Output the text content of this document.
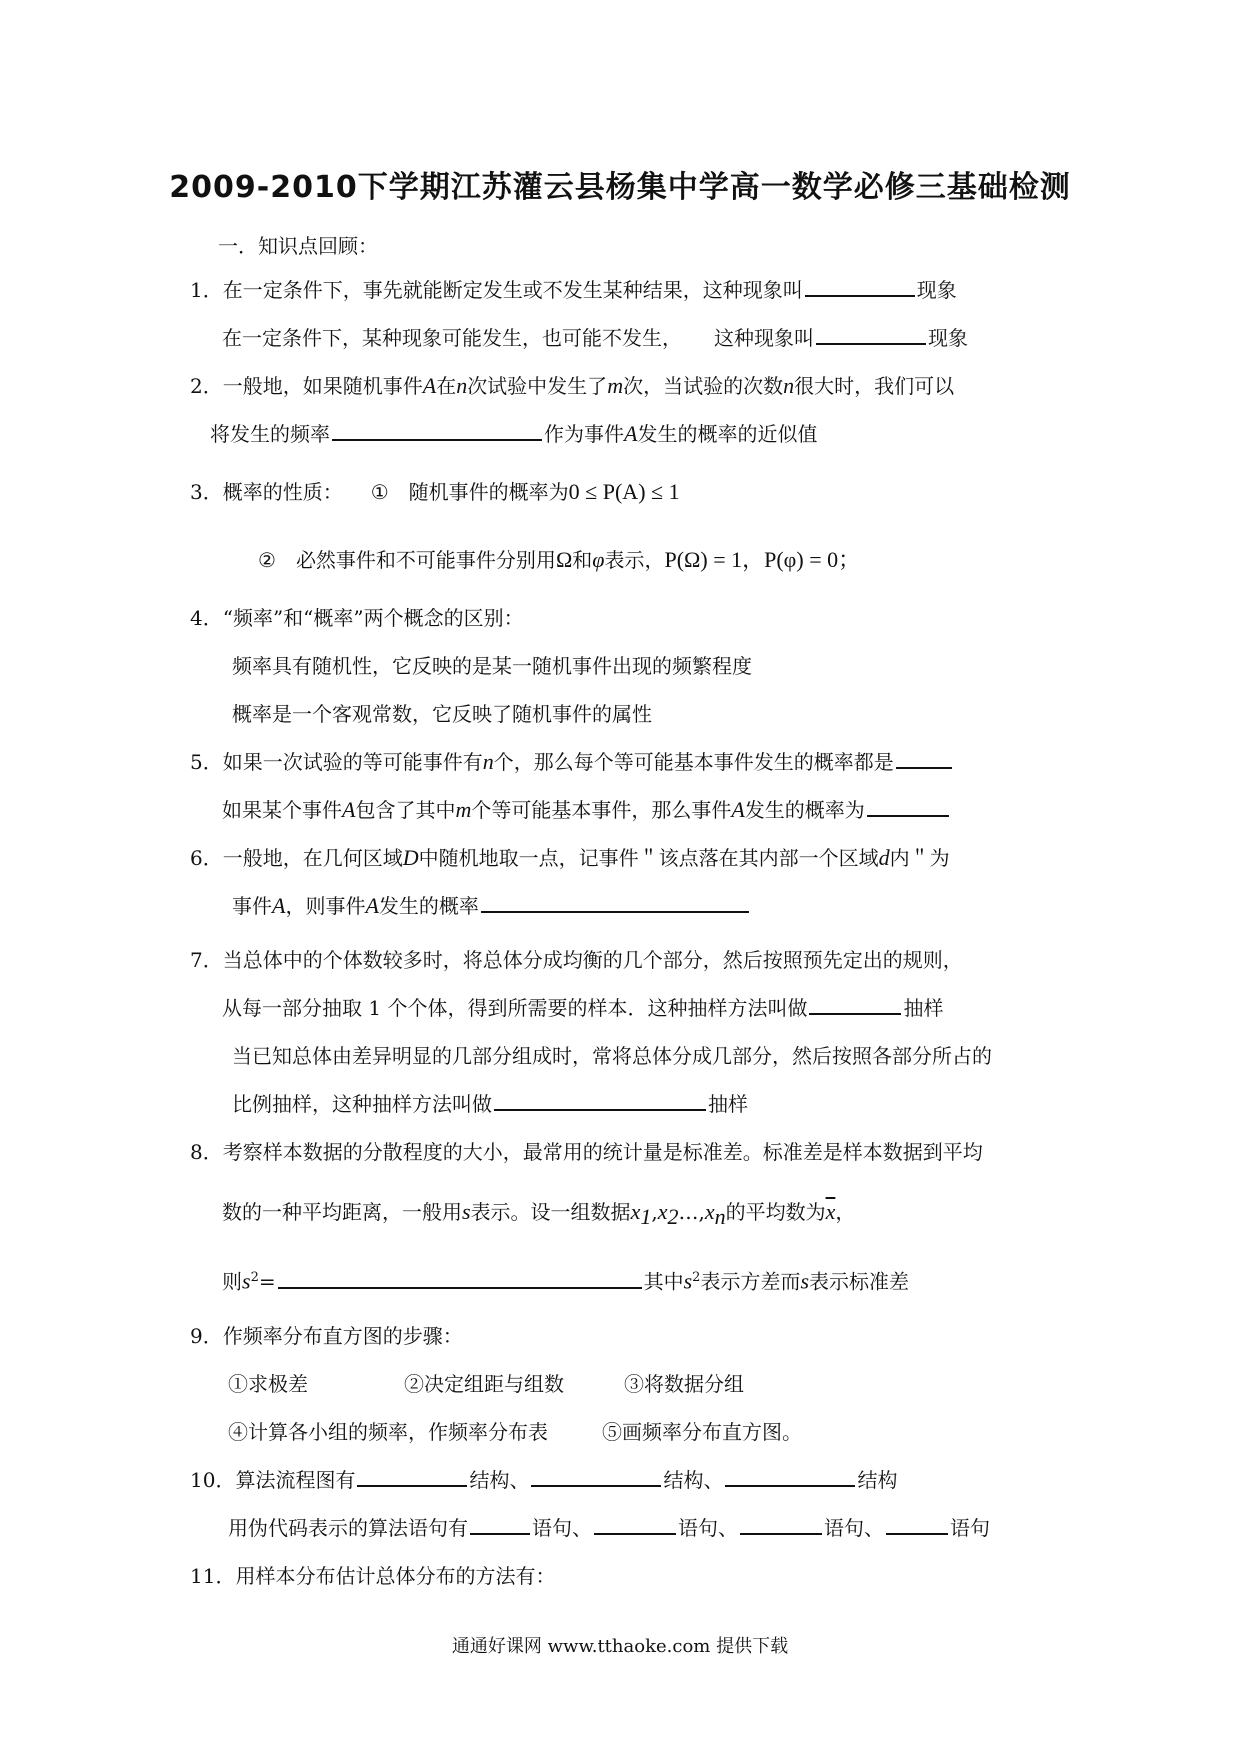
2009-2010下学期江苏灌云县杨集中学高一数学必修三基础检测
一．知识点回顾：
1．在一定条件下，事先就能断定发生或不发生某种结果，这种现象叫	现象
在一定条件下，某种现象可能发生，也可能不发生， 这种现象叫	现象
2．一般地，如果随机事件A在n次试验中发生了m次，当试验的次数n很大时，我们可以
将发生的频率	作为事件A发生的概率的近似值
3．概率的性质： ① 随机事件的概率为0 ≤ P(A) ≤ 1
② 必然事件和不可能事件分别用Ω和φ表示，P(Ω) = 1，P(φ) = 0；
4．“频率”和“概率”两个概念的区别：
频率具有随机性，它反映的是某一随机事件出现的频繁程度
概率是一个客观常数，它反映了随机事件的属性
5．如果一次试验的等可能事件有n个，那么每个等可能基本事件发生的概率都是
如果某个事件A包含了其中m个等可能基本事件，那么事件A发生的概率为
6．一般地，在几何区域D中随机地取一点，记事件＂该点落在其内部一个区域d内＂为
事件A，则事件A发生的概率
7．当总体中的个体数较多时，将总体分成均衡的几个部分，然后按照预先定出的规则，
从每一部分抽取 1 个个体，得到所需要的样本．这种抽样方法叫做	抽样
当已知总体由差异明显的几部分组成时，常将总体分成几部分，然后按照各部分所占的
比例抽样，这种抽样方法叫做	抽样
8．考察样本数据的分散程度的大小，最常用的统计量是标准差。标准差是样本数据到平均
数的一种平均距离，一般用s表示。设一组数据$x_1,x_2\dots,x_n$的平均数为$\overline{x}$，
则$s^2=$	其中$s^2$表示方差而s表示标准差
9．作频率分布直方图的步骤：
①求极差	②决定组距与组数	③将数据分组
④计算各小组的频率，作频率分布表	⑤画频率分布直方图。
10．算法流程图有	结构、	结构、	结构
用伪代码表示的算法语句有	语句、	语句、	语句、	语句
11．用样本分布估计总体分布的方法有：
通通好课网 www.tthaoke.com 提供下载
